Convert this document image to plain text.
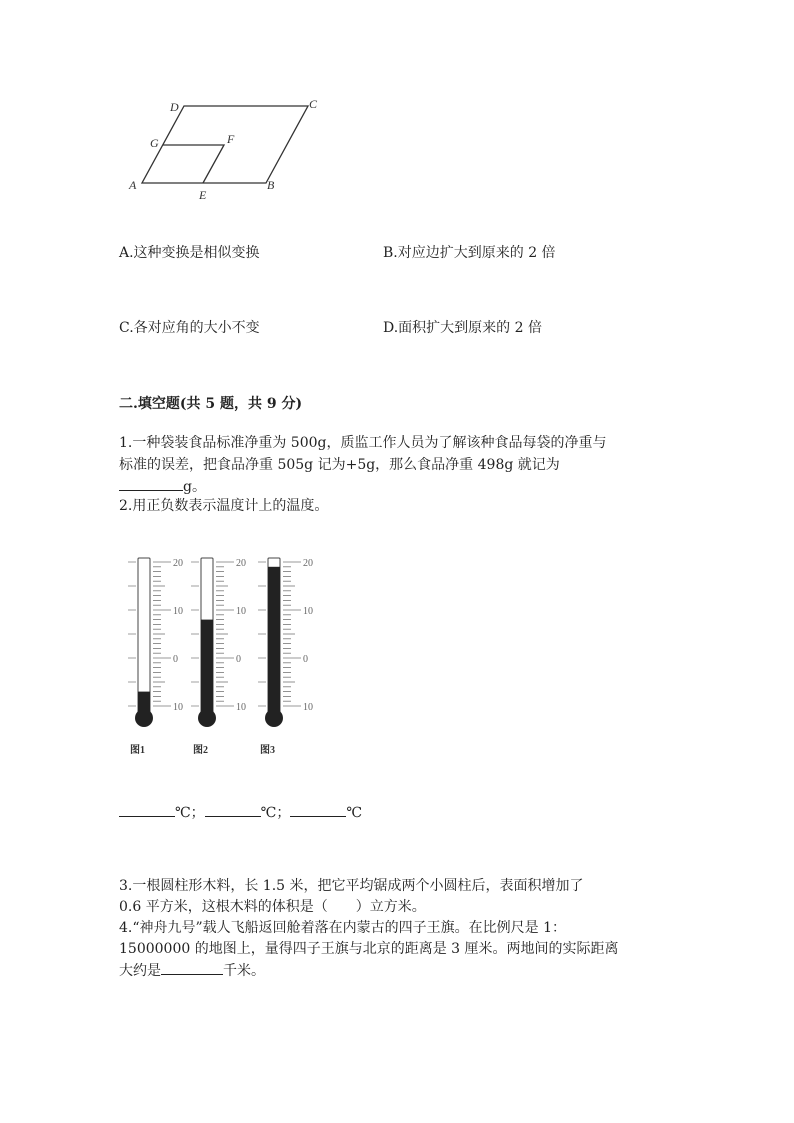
D	C
G	F
A
E
B
A.这种变换是相似变换	B.对应边扩大到原来的 2 倍
C.各对应角的大小不变	D.面积扩大到原来的 2 倍
二.填空题(共 5 题，共 9 分)
1.一种袋装食品标准净重为 500g，质监工作人员为了解该种食品每袋的净重与
标准的误差，把食品净重 505g 记为+5g，那么食品净重 498g 就记为
g。
2.用正负数表示温度计上的温度。
20
10
0
10
图1
20
10
0
10
图2
20
10
0
10
图3
℃；	℃；	℃
3.一根圆柱形木料，长 1.5 米，把它平均锯成两个小圆柱后，表面积增加了
0.6 平方米，这根木料的体积是（　　）立方米。
4.“神舟九号”载人飞船返回舱着落在内蒙古的四子王旗。在比例尺是 1：
15000000 的地图上，量得四子王旗与北京的距离是 3 厘米。两地间的实际距离
大约是	千米。
